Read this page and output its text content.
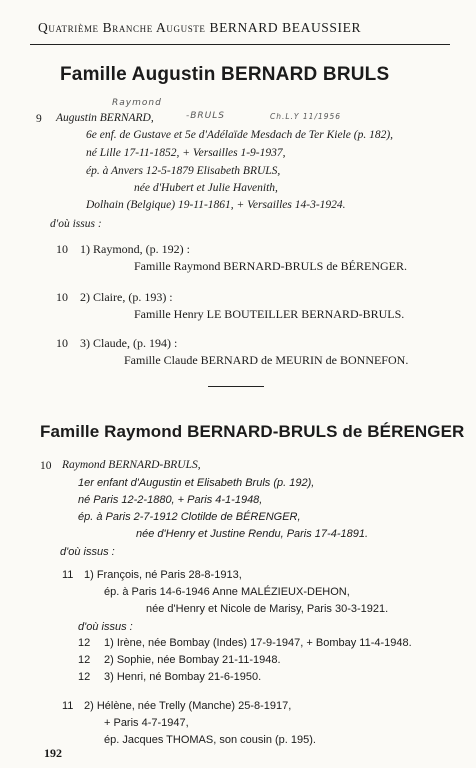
Quatrième Branche Auguste BERNARD BEAUSSIER
Famille Augustin BERNARD BRULS
Raymond
9 Augustin BERNARD,	-BRULS	Ch.L.Y 11/1956
6e enf. de Gustave et 5e d'Adélaïde Mesdach de Ter Kiele (p. 182),
né Lille 17-11-1852, + Versailles 1-9-1937,
ép. à Anvers 12-5-1879 Elisabeth BRULS,
née d'Hubert et Julie Havenith,
Dolhain (Belgique) 19-11-1861, + Versailles 14-3-1924.
d'où issus :
10 1) Raymond, (p. 192) :
Famille Raymond BERNARD-BRULS de BÉRENGER.
10 2) Claire, (p. 193) :
Famille Henry LE BOUTEILLER BERNARD-BRULS.
10 3) Claude, (p. 194) :
Famille Claude BERNARD de MEURIN de BONNEFON.
Famille Raymond BERNARD-BRULS de BÉRENGER
10 Raymond BERNARD-BRULS,
1er enfant d'Augustin et Elisabeth Bruls (p. 192),
né Paris 12-2-1880, + Paris 4-1-1948,
ép. à Paris 2-7-1912 Clotilde de BÉRENGER,
née d'Henry et Justine Rendu, Paris 17-4-1891.
d'où issus :
11 1) François, né Paris 28-8-1913,
ép. à Paris 14-6-1946 Anne MALÉZIEUX-DEHON,
née d'Henry et Nicole de Marisy, Paris 30-3-1921.
d'où issus :
12 1) Irène, née Bombay (Indes) 17-9-1947, + Bombay 11-4-1948.
12 2) Sophie, née Bombay 21-11-1948.
12 3) Henri, né Bombay 21-6-1950.
11 2) Hélène, née Trelly (Manche) 25-8-1917,
+ Paris 4-7-1947,
ép. Jacques THOMAS, son cousin (p. 195).
192
